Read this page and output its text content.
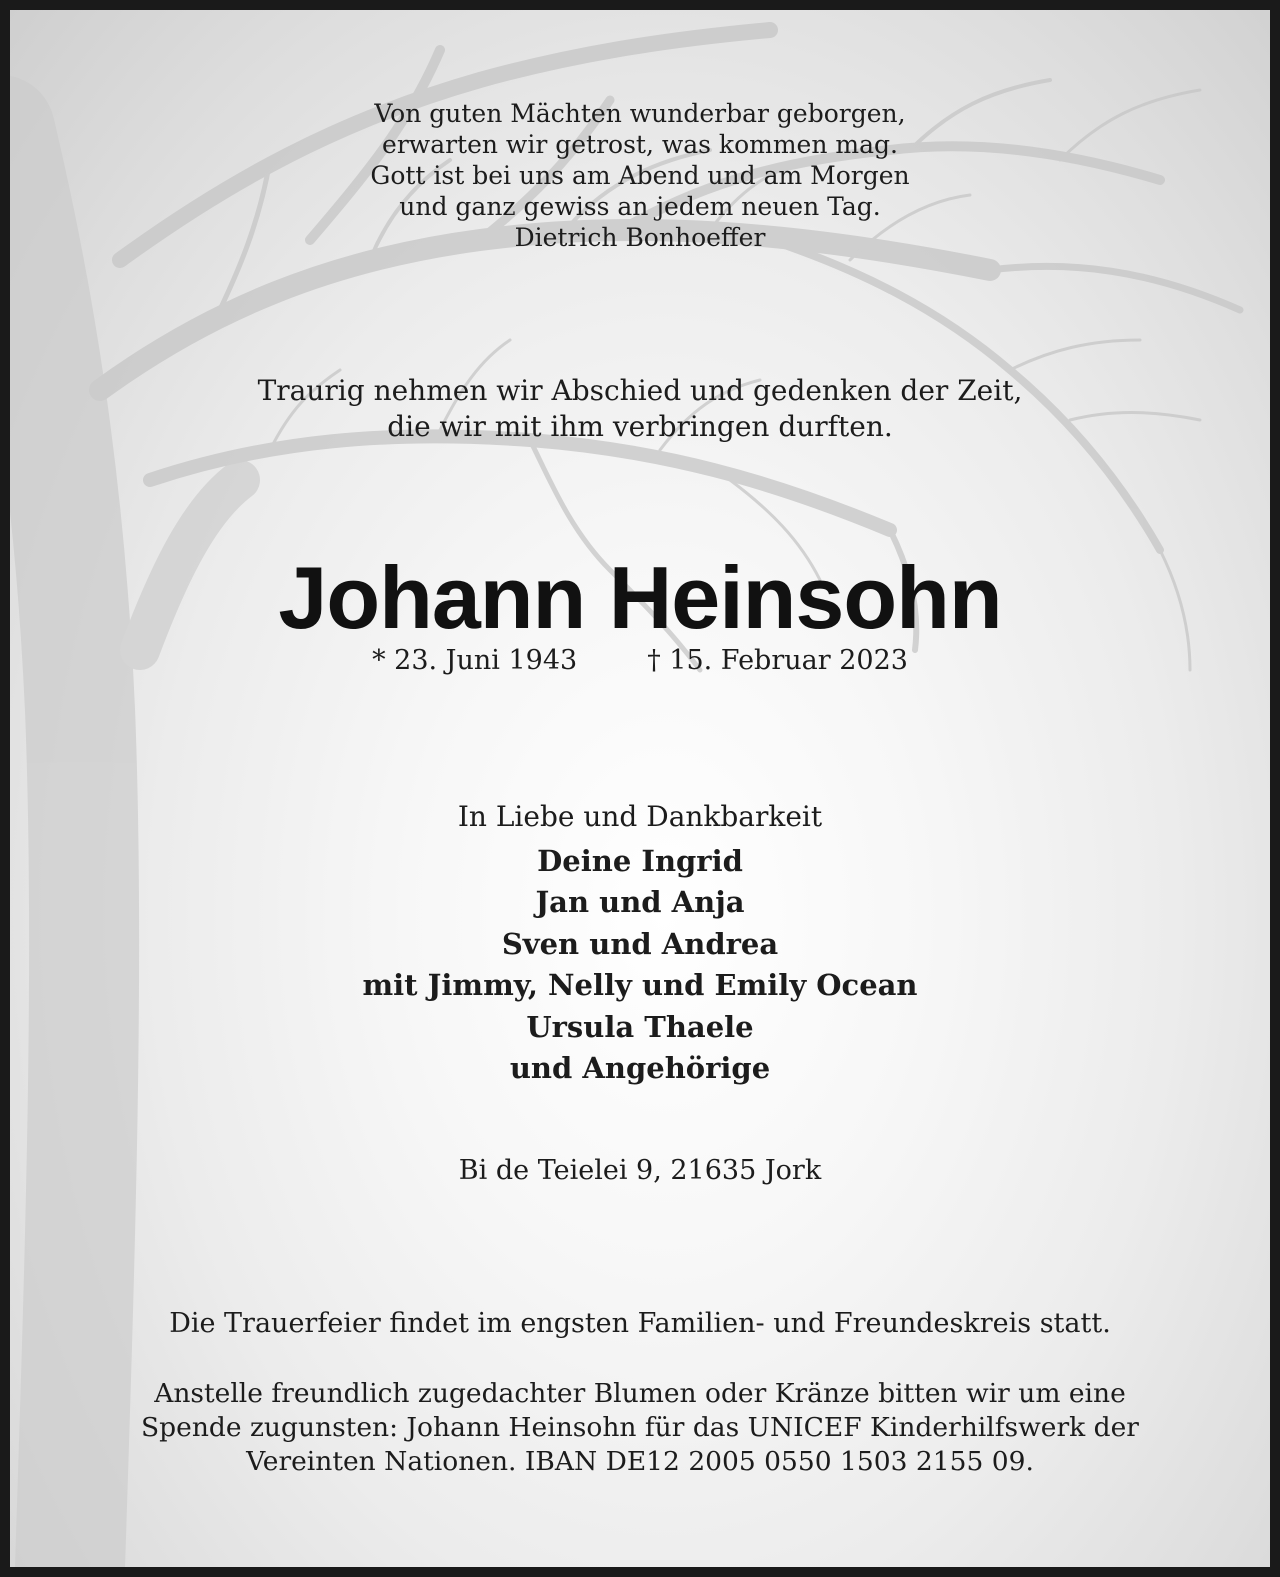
Von guten Mächten wunderbar geborgen,
erwarten wir getrost, was kommen mag.
Gott ist bei uns am Abend und am Morgen
und ganz gewiss an jedem neuen Tag.
Dietrich Bonhoeffer
Traurig nehmen wir Abschied und gedenken der Zeit,
die wir mit ihm verbringen durften.
Johann Heinsohn
* 23. Juni 1943	† 15. Februar 2023
In Liebe und Dankbarkeit
Deine Ingrid
Jan und Anja
Sven und Andrea
mit Jimmy, Nelly und Emily Ocean
Ursula Thaele
und Angehörige
Bi de Teielei 9, 21635 Jork
Die Trauerfeier findet im engsten Familien- und Freundeskreis statt.
Anstelle freundlich zugedachter Blumen oder Kränze bitten wir um eine
Spende zugunsten: Johann Heinsohn für das UNICEF Kinderhilfswerk der
Vereinten Nationen. IBAN DE12 2005 0550 1503 2155 09.
